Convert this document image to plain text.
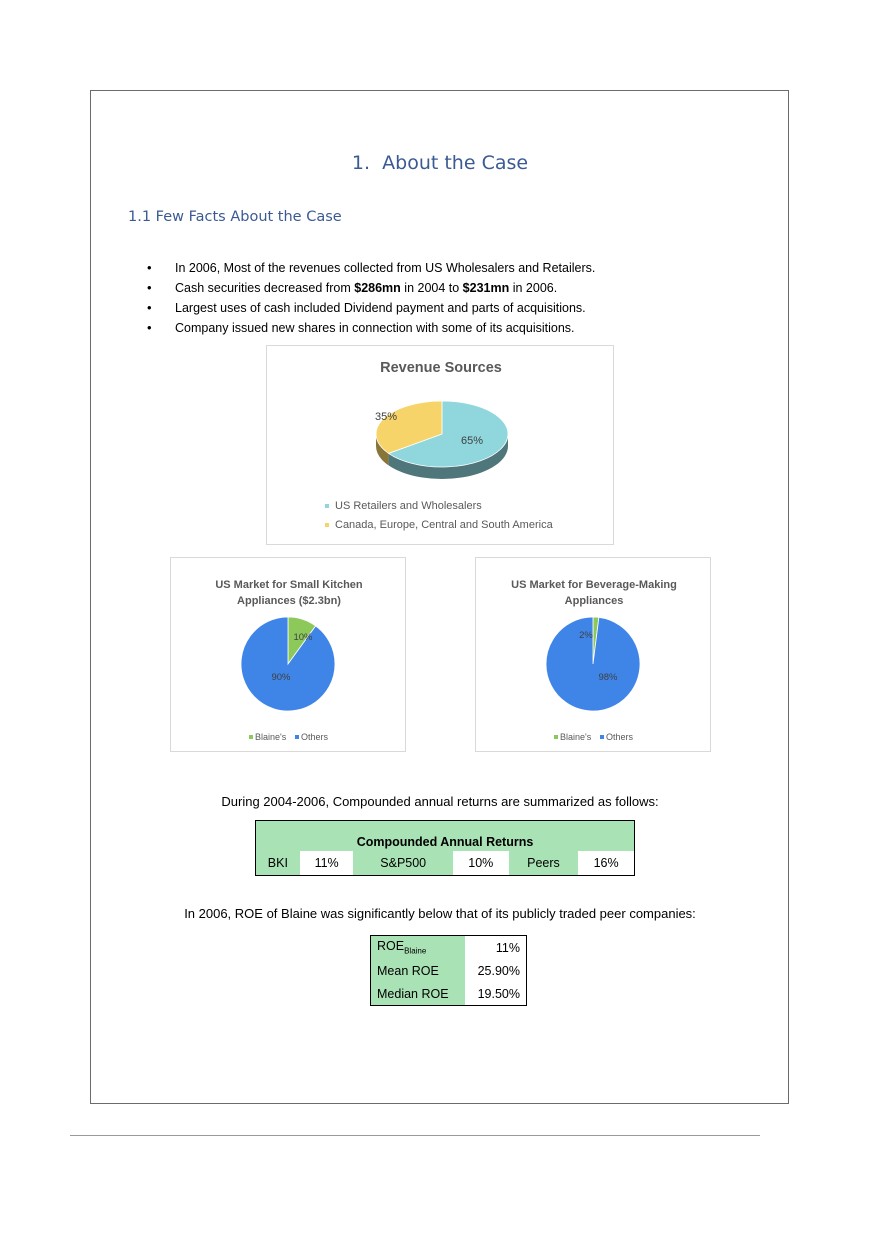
1. About the Case
1.1 Few Facts About the Case
• In 2006, Most of the revenues collected from US Wholesalers and Retailers.
• Cash securities decreased from $286mn in 2004 to $231mn in 2006.
• Largest uses of cash included Dividend payment and parts of acquisitions.
• Company issued new shares in connection with some of its acquisitions.
Revenue Sources
65%
35%
US Retailers and Wholesalers
Canada, Europe, Central and South America
US Market for Small Kitchen
Appliances ($2.3bn)
10%
90%
Blaine's Others
US Market for Beverage-Making
Appliances
2%
98%
Blaine's Others
During 2004-2006, Compounded annual returns are summarized as follows:
Compounded Annual Returns
BKI	11%	S&P500	10%	Peers	16%
In 2006, ROE of Blaine was significantly below that of its publicly traded peer companies:
$ROE_{Blaine}$	11%
Mean ROE	25.90%
Median ROE	19.50%
